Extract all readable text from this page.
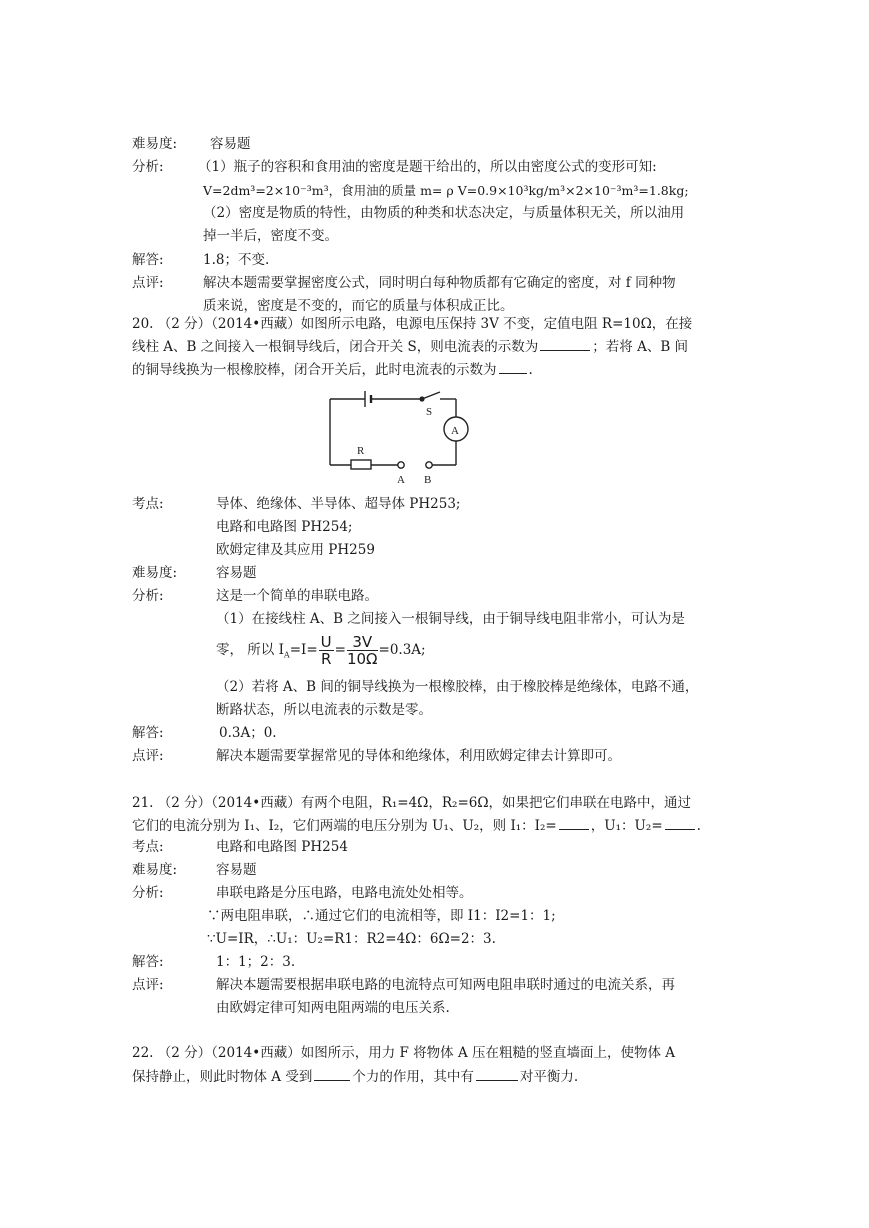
难易度: 容易题
分析:	（1）瓶子的容积和食用油的密度是题干给出的，所以由密度公式的变形可知:
V=2dm³=2×10⁻³m³，食用油的质量 m= ρ V=0.9×10³kg/m³×2×10⁻³m³=1.8kg;
（2）密度是物质的特性，由物质的种类和状态决定，与质量体积无关，所以油用
掉一半后，密度不变。
解答:	1.8；不变.
点评:	解决本题需要掌握密度公式，同时明白每种物质都有它确定的密度，对 f 同种物
质来说，密度是不变的，而它的质量与体积成正比。
20. （2 分）（2014•西藏）如图所示电路，电源电压保持 3V 不变，定值电阻 R=10Ω，在接
线柱 A、B 之间接入一根铜导线后，闭合开关 S，则电流表的示数为	；若将 A、B 间
的铜导线换为一根橡胶棒，闭合开关后，此时电流表的示数为 .
S
A
R
A B
考点:	导体、绝缘体、半导体、超导体 PH253;
电路和电路图 PH254;
欧姆定律及其应用 PH259
难易度:	容易题
分析:	这是一个简单的串联电路。
（1）在接线柱 A、B 之间接入一根铜导线，由于铜导线电阻非常小，可认为是
零， 所以 $I_A=I= \frac{U}{R} = \frac{3V}{10\Omega} =0.3A$;
（2）若将 A、B 间的铜导线换为一根橡胶棒，由于橡胶棒是绝缘体，电路不通，
断路状态，所以电流表的示数是零。
解答:	0.3A；0.
点评:	解决本题需要掌握常见的导体和绝缘体，利用欧姆定律去计算即可。
21. （2 分）（2014•西藏）有两个电阻，R₁=4Ω，R₂=6Ω，如果把它们串联在电路中，通过
它们的电流分别为 I₁、I₂，它们两端的电压分别为 U₁、U₂，则 I₁：I₂=	，U₁：U₂=	.
考点:	电路和电路图 PH254
难易度:	容易题
分析:	串联电路是分压电路，电路电流处处相等。
∵两电阻串联，∴通过它们的电流相等，即 I1：I2=1：1;
∵U=IR，∴U₁：U₂=R1：R2=4Ω：6Ω=2：3.
解答:	1：1；2：3.
点评:	解决本题需要根据串联电路的电流特点可知两电阻串联时通过的电流关系，再
由欧姆定律可知两电阻两端的电压关系.
22. （2 分）（2014•西藏）如图所示，用力 F 将物体 A 压在粗糙的竖直墙面上，使物体 A
保持静止，则此时物体 A 受到	个力的作用，其中有	对平衡力.
